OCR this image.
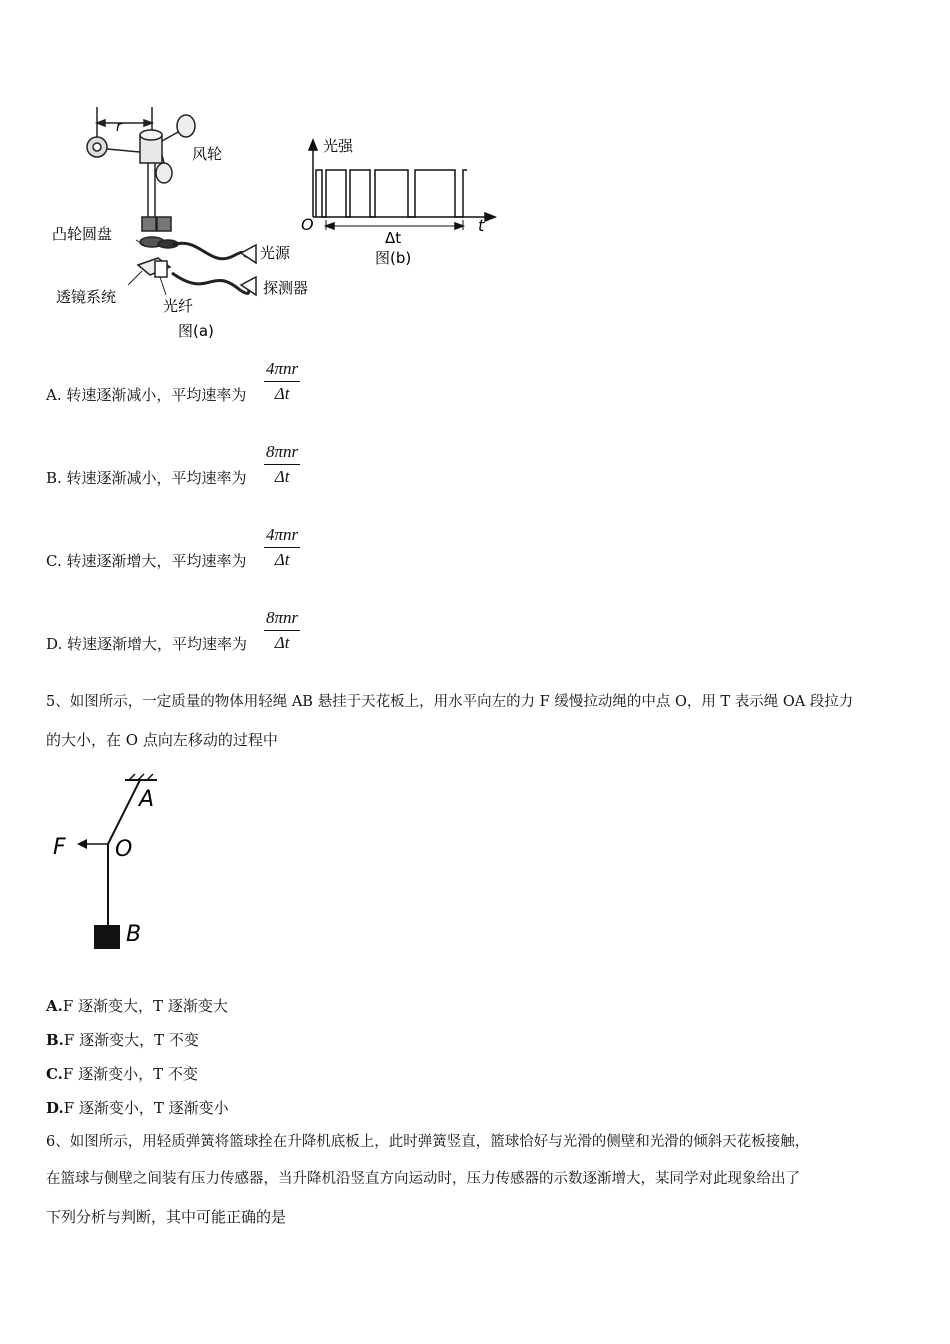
r
风轮
凸轮圆盘
透镜系统	光纤
光源
探测器
图(a)
光强
O	t
Δt
图(b)
A. 转速逐渐减小，平均速率为
4πnr
Δt
B. 转速逐渐减小，平均速率为
8πnr
Δt
C. 转速逐渐增大，平均速率为
4πnr
Δt
D. 转速逐渐增大，平均速率为
8πnr
Δt
5、如图所示，一定质量的物体用轻绳 AB 悬挂于天花板上，用水平向左的力 F 缓慢拉动绳的中点 O，用 T 表示绳 OA 段拉力
的大小，在 O 点向左移动的过程中
A
O
F
B
A.F 逐渐变大，T 逐渐变大
B.F 逐渐变大，T 不变
C.F 逐渐变小，T 不变
D.F 逐渐变小，T 逐渐变小
6、如图所示，用轻质弹簧将篮球拴在升降机底板上，此时弹簧竖直，篮球恰好与光滑的侧壁和光滑的倾斜天花板接触，
在篮球与侧壁之间装有压力传感器，当升降机沿竖直方向运动时，压力传感器的示数逐渐增大，某同学对此现象给出了
下列分析与判断，其中可能正确的是
